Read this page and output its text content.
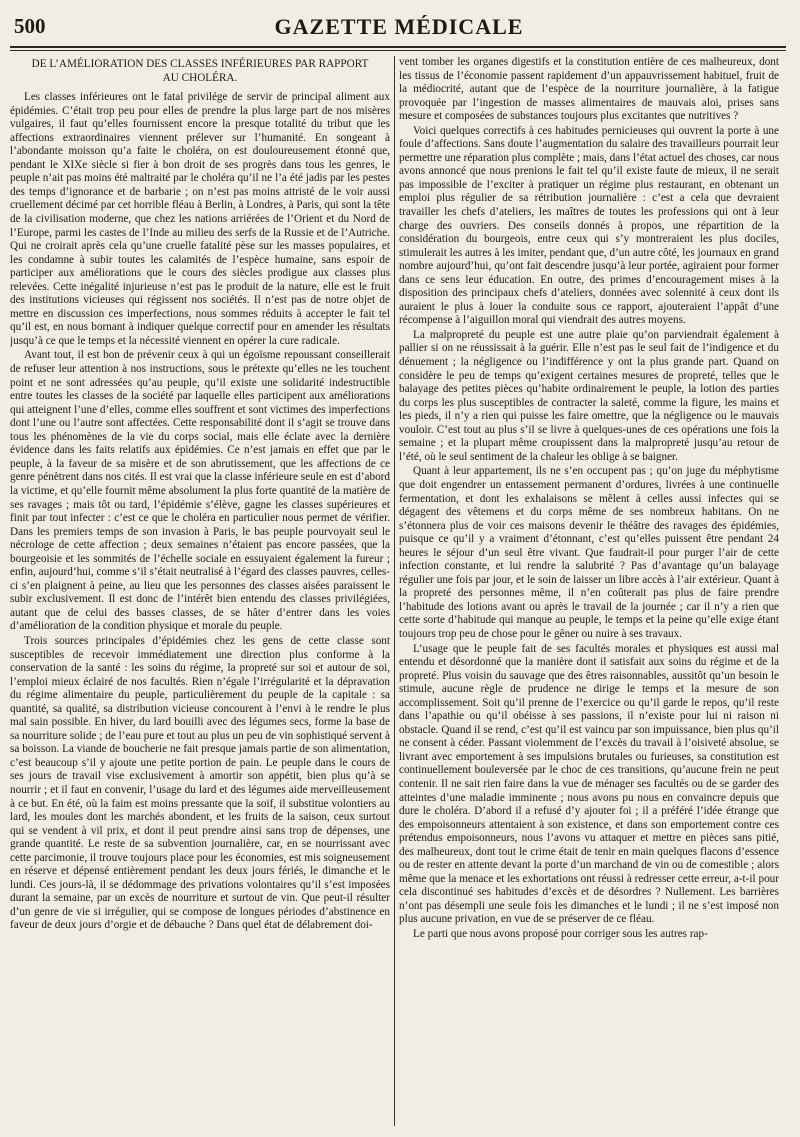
500	GAZETTE MÉDICALE
DE L’AMÉLIORATION DES CLASSES INFÉRIEURES PAR RAPPORT
AU CHOLÉRA.

Les classes inférieures ont le fatal privilége de servir de principal aliment aux épidémies. C’était trop peu pour elles de prendre la plus large part de nos misères vulgaires, il faut qu’elles fournissent encore la presque totalité du tribut que les affections extraordinaires viennent prélever sur l’humanité. En songeant à l’abondante moisson qu’a faite le choléra, on est douloureusement étonné que, pendant le XIXe siècle si fier à bon droit de ses progrès dans tous les genres, le peuple n’ait pas moins été maltraité par le choléra qu’il ne l’a été jadis par les pestes des temps d’ignorance et de barbarie ; on n’est pas moins attristé de le voir aussi cruellement décimé par cet horrible fléau à Berlin, à Londres, à Paris, qui sont la tête de la civilisation moderne, que chez les nations arriérées de l’Orient et du Nord de l’Europe, parmi les castes de l’Inde au milieu des serfs de la Russie et de l’Autriche. Qui ne croirait après cela qu’une cruelle fatalité pèse sur les masses populaires, et les condamne à subir toutes les calamités de l’espèce humaine, sans espoir de participer aux améliorations que le cours des siècles prodigue aux classes plus relevées. Cette inégalité injurieuse n’est pas le produit de la nature, elle est le fruit des institutions vicieuses qui régissent nos sociétés. Il n’est pas de notre objet de mettre en discussion ces imperfections, nous sommes réduits à accepter le fait tel qu’il est, en nous bornant à indiquer quelque correctif pour en amender les résultats jusqu’à ce que le temps et la nécessité viennent en opérer la cure radicale.

Avant tout, il est bon de prévenir ceux à qui un égoïsme repoussant conseillerait de refuser leur attention à nos instructions, sous le prétexte qu’elles ne les touchent point et ne sont adressées qu’au peuple, qu’il existe une solidarité indestructible entre toutes les classes de la société par laquelle elles participent aux améliorations qui atteignent l’une d’elles, comme elles souffrent et sont victimes des imperfections dont l’une ou l’autre sont affectées. Cette responsabilité dont il s’agit se trouve dans tous les phénomènes de la vie du corps social, mais elle éclate avec la dernière évidence dans les faits relatifs aux épidémies. Ce n’est jamais en effet que par le peuple, à la faveur de sa misère et de son abrutissement, que les affections de ce genre pénètrent dans nos cités. Il est vrai que la classe inférieure seule en est d’abord la victime, et qu’elle fournit même absolument la plus forte quantité de la matière de ses ravages ; mais tôt ou tard, l’épidémie s’élève, gagne les classes supérieures et finit par tout infecter : c’est ce que le choléra en particulier nous permet de vérifier. Dans les premiers temps de son invasion à Paris, le bas peuple pourvoyait seul le nécrologe de cette affection ; deux semaines n’étaient pas encore passées, que la bourgeoisie et les sommités de l’échelle sociale en essuyaient également la fureur ; enfin, aujourd’hui, comme s’il s’était neutralisé à l’égard des classes pauvres, celles-ci s’en plaignent à peine, au lieu que les personnes des classes aisées paraissent le subir exclusivement. Il est donc de l’intérêt bien entendu des classes privilégiées, autant que de celui des basses classes, de se hâter d’entrer dans les voies d’amélioration de la condition physique et morale du peuple.

Trois sources principales d’épidémies chez les gens de cette classe sont susceptibles de recevoir immédiatement une direction plus conforme à la conservation de la santé : les soins du régime, la propreté sur soi et autour de soi, l’emploi mieux éclairé de nos facultés. Rien n’égale l’irrégularité et la dépravation du régime alimentaire du peuple, particulièrement du peuple de la capitale : sa quantité, sa qualité, sa distribution vicieuse concourent à l’envi à le rendre le plus mal sain possible. En hiver, du lard bouilli avec des légumes secs, forme la base de sa nourriture solide ; de l’eau pure et tout au plus un peu de vin sophistiqué servent à sa boisson. La viande de boucherie ne fait presque jamais partie de son alimentation, c’est beaucoup s’il y ajoute une petite portion de pain. Le peuple dans le cours de ses jours de travail vise exclusivement à amortir son appétit, bien plus qu’à se nourrir ; et il faut en convenir, l’usage du lard et des légumes aide merveilleusement à ce but. En été, où la faim est moins pressante que la soif, il substitue volontiers au lard, les moules dont les marchés abondent, et les fruits de la saison, ceux surtout qui se vendent à vil prix, et dont il peut prendre ainsi sans trop de dépenses, une grande quantité. Le reste de sa subvention journalière, car, en se nourrissant avec cette parcimonie, il trouve toujours place pour les économies, est mis soigneusement en réserve et dépensé entièrement pendant les deux jours fériés, le dimanche et le lundi. Ces jours-là, il se dédommage des privations volontaires qu’il s’est imposées durant la semaine, par un excès de nourriture et surtout de vin. Que peut-il résulter d’un genre de vie si irrégulier, qui se compose de longues périodes d’abstinence en faveur de deux jours d’orgie et de débauche ? Dans quel état de délabrement doi-

vent tomber les organes digestifs et la constitution entière de ces malheureux, dont les tissus de l’économie passent rapidement d’un appauvrissement habituel, fruit de la médiocrité, autant que de l’espèce de la nourriture journalière, à la fatigue provoquée par l’ingestion de masses alimentaires de mauvais aloi, prises sans mesure et composées de substances toujours plus excitantes que nutritives ?

Voici quelques correctifs à ces habitudes pernicieuses qui ouvrent la porte à une foule d’affections. Sans doute l’augmentation du salaire des travailleurs pourrait leur permettre une réparation plus complète ; mais, dans l’état actuel des choses, car nous avons annoncé que nous prenions le fait tel qu’il existe faute de mieux, il ne serait pas impossible de l’exciter à pratiquer un régime plus restaurant, en obtenant un emploi plus régulier de sa rétribution journalière : c’est a cela que devraient travailler les chefs d’ateliers, les maîtres de toutes les professions qui ont à leur charge des ouvriers. Des conseils donnés à propos, une répartition de la considération du bourgeois, entre ceux qui s’y montreraient les plus dociles, stimulerait les autres à les imiter, pendant que, d’un autre côté, les journaux en grand nombre aujourd’hui, qu’ont fait descendre jusqu’à leur portée, agiraient pour former dans ce sens leur éducation. En outre, des primes d’encouragement mises à la disposition des principaux chefs d’ateliers, données avec solennité à ceux dont ils auraient le plus à louer la conduite sous ce rapport, ajouteraient l’appât d’une récompense à l’aiguillon moral qui viendrait des autres moyens.

La malpropreté du peuple est une autre plaie qu’on parviendrait également à pallier si on ne réussissait à la guérir. Elle n’est pas le seul fait de l’indigence et du dénuement ; la négligence ou l’indifférence y ont la plus grande part. Quand on considère le peu de temps qu’exigent certaines mesures de propreté, telles que le balayage des petites pièces qu’habite ordinairement le peuple, la lotion des parties du corps les plus susceptibles de contracter la saleté, comme la figure, les mains et les pieds, il n’y a rien qui puisse les faire omettre, que la négligence ou le mauvais vouloir. C’est tout au plus s’il se livre à quelques-unes de ces opérations une fois la semaine ; et la plupart même croupissent dans la malpropreté jusqu’au retour de l’été, où le seul sentiment de la chaleur les oblige à se baigner.

Quant à leur appartement, ils ne s’en occupent pas ; qu’on juge du méphytisme que doit engendrer un entassement permanent d’ordures, livrées à une continuelle fermentation, et dont les exhalaisons se mêlent à celles aussi infectes qui se dégagent des vêtemens et du corps même de ses nombreux habitans. On ne s’étonnera plus de voir ces maisons devenir le théâtre des ravages des épidémies, puisque ce qu’il y a vraiment d’étonnant, c’est qu’elles puissent être pendant 24 heures le séjour d’un seul être vivant. Que faudrait-il pour purger l’air de cette infection constante, et lui rendre la salubrité ? Pas d’avantage qu’un balayage régulier une fois par jour, et le soin de laisser un libre accès à l’air extérieur. Quant à la propreté des personnes même, il n’en coûterait pas plus de faire prendre l’habitude des lotions avant ou après le travail de la journée ; car il n’y a rien que cette sorte d’habitude qui manque au peuple, le temps et la peine qu’elle exige étant toujours trop peu de chose pour le gêner ou nuire à ses travaux.

L’usage que le peuple fait de ses facultés morales et physiques est aussi mal entendu et désordonné que la manière dont il satisfait aux soins du régime et de la propreté. Plus voisin du sauvage que des êtres raisonnables, aussitôt qu’un besoin le stimule, aucune règle de prudence ne dirige le temps et la mesure de son accomplissement. Soit qu’il prenne de l’exercice ou qu’il garde le repos, qu’il reste dans l’apathie ou qu’il obéisse à ses passions, il n’existe pour lui ni raison ni obstacle. Quand il se rend, c’est qu’il est vaincu par son impuissance, bien plus qu’il ne consent à céder. Passant violemment de l’excès du travail à l’oisiveté absolue, se livrant avec emportement à ses impulsions brutales ou furieuses, sa constitution est continuellement bouleversée par le choc de ces transitions, qu’aucune frein ne peut contenir. Il ne sait rien faire dans la vue de ménager ses facultés ou de se garder des atteintes d’une maladie imminente ; nous avons pu nous en convaincre depuis que dure le choléra. D’abord il a refusé d’y ajouter foi ; il a préféré l’idée étrange que des empoisonneurs attentaient à son existence, et dans son emportement contre ces prétendus empoisonneurs, nous l’avons vu attaquer et mettre en pièces sans pitié, des malheureux, dont tout le crime était de tenir en main quelques flacons d’essence ou de rester en attente devant la porte d’un marchand de vin ou de comestible ; alors même que la menace et les exhortations ont réussi à redresser cette erreur, a-t-il pour cela discontinué ses habitudes d’excès et de désordres ? Nullement. Les barrières n’ont pas désempli une seule fois les dimanches et le lundi ; il ne s’est imposé non plus aucune privation, en vue de se préserver de ce fléau.

Le parti que nous avons proposé pour corriger sous les autres rap-
